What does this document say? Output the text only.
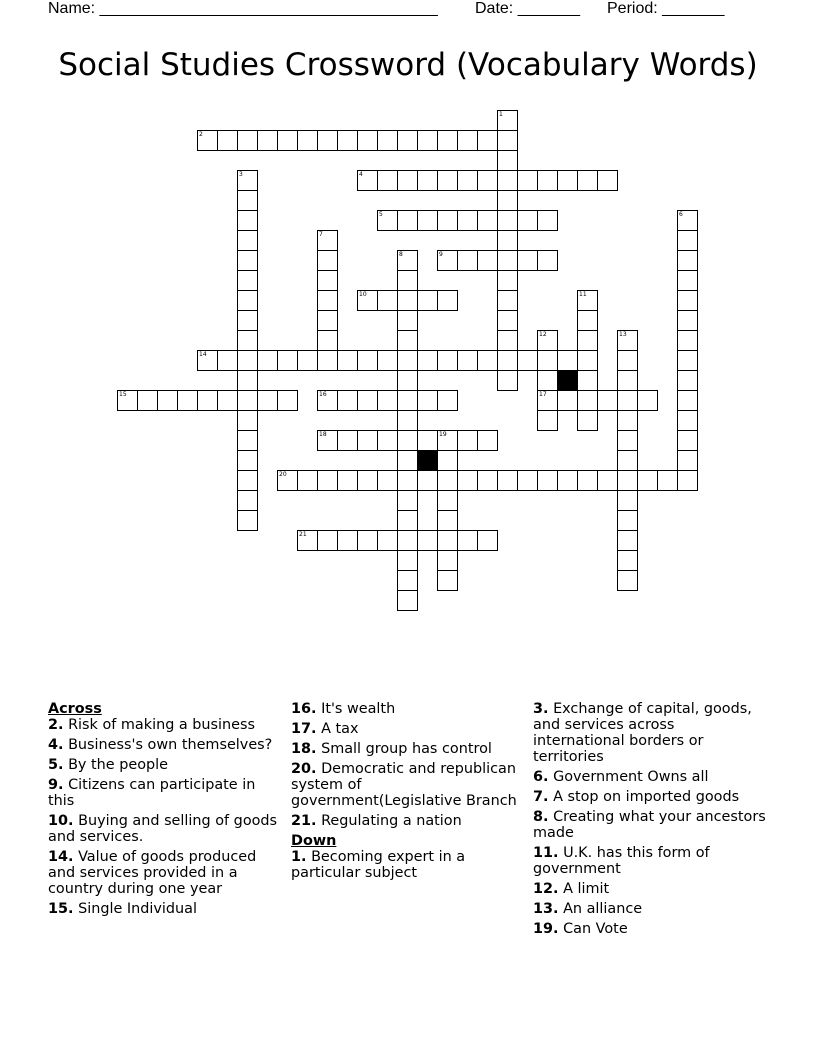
Name: ______________________________________ Date: _______ Period: _______
Social Studies Crossword (Vocabulary Words)
1
2
3	4
5	6
7
8	9
10	11
12	13
14
15	16	17
18	19
20
21

Across

2. Risk of making a business

4. Business's own themselves?

5. By the people

9. Citizens can participate in this

10. Buying and selling of goods and services.

14. Value of goods produced and services provided in a country during one year

15. Single Individual

16. It's wealth

17. A tax

18. Small group has control

20. Democratic and republican system of government(Legislative Branch

21. Regulating a nation

Down

1. Becoming expert in a particular subject

3. Exchange of capital, goods, and services across international borders or territories

6. Government Owns all

7. A stop on imported goods

8. Creating what your ancestors made

11. U.K. has this form of government

12. A limit

13. An alliance

19. Can Vote
